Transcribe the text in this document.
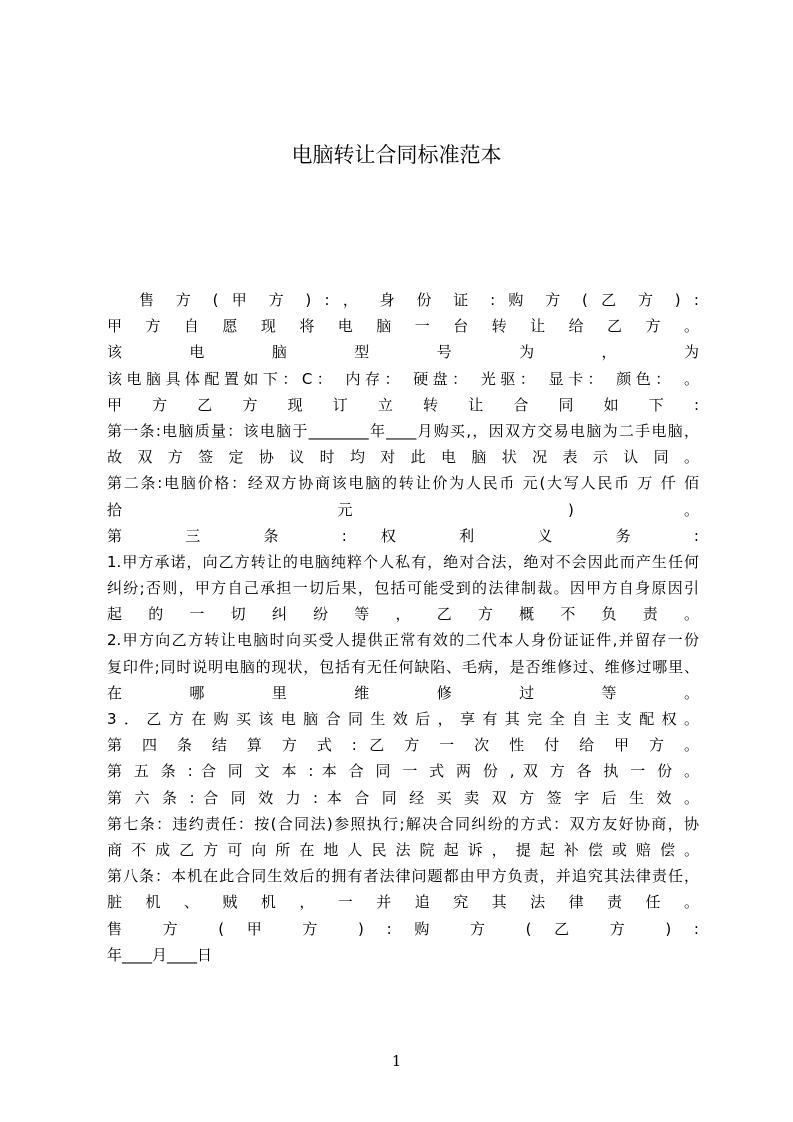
电脑转让合同标准范本
售 方 ( 甲 方 ) : ， 身 份 证 : 购 方 ( 乙 方 ) :
甲 方 自 愿 现 将 电 脑 一 台 转 让 给 乙 方 。
该 电 脑 型 号 为 ， 为
该电脑具体配置如下：C： 内存： 硬盘： 光驱： 显卡： 颜色： 。
甲 方 乙 方 现 订 立 转 让 合 同 如 下 :
第一条:电脑质量：该电脑于________年____月购买,，因双方交易电脑为二手电脑，
故 双 方 签 定 协 议 时 均 对 此 电 脑 状 况 表 示 认 同 。
第二条:电脑价格：经双方协商该电脑的转让价为人民币 元(大写人民币 万 仟 佰
拾 元 ) 。
第 三 条 : 权 利 义 务 :
1.甲方承诺，向乙方转让的电脑纯粹个人私有，绝对合法，绝对不会因此而产生任何
纠纷;否则，甲方自己承担一切后果，包括可能受到的法律制裁。因甲方自身原因引
起 的 一 切 纠 纷 等 ， 乙 方 概 不 负 责 。
2.甲方向乙方转让电脑时向买受人提供正常有效的二代本人身份证证件,并留存一份
复印件;同时说明电脑的现状，包括有无任何缺陷、毛病，是否维修过、维修过哪里、
在 哪 里 维 修 过 等 。
3．乙方在购买该电脑合同生效后，享有其完全自主支配权。
第 四 条 结 算 方 式 : 乙 方 一 次 性 付 给 甲 方 。
第 五 条 : 合 同 文 本 : 本 合 同 一 式 两 份 , 双 方 各 执 一 份 。
第 六 条 : 合 同 效 力 : 本 合 同 经 买 卖 双 方 签 字 后 生 效 。
第七条：违约责任：按(合同法)参照执行;解决合同纠纷的方式：双方友好协商，协
商不成乙方可向所在地人民法院起诉，提起补偿或赔偿。
第八条：本机在此合同生效后的拥有者法律问题都由甲方负责，并追究其法律责任，
脏 机 、 贼 机 ， 一 并 追 究 其 法 律 责 任 。
售 方 ( 甲 方 ) : 购 方 ( 乙 方 ) :
年____月____日
1
